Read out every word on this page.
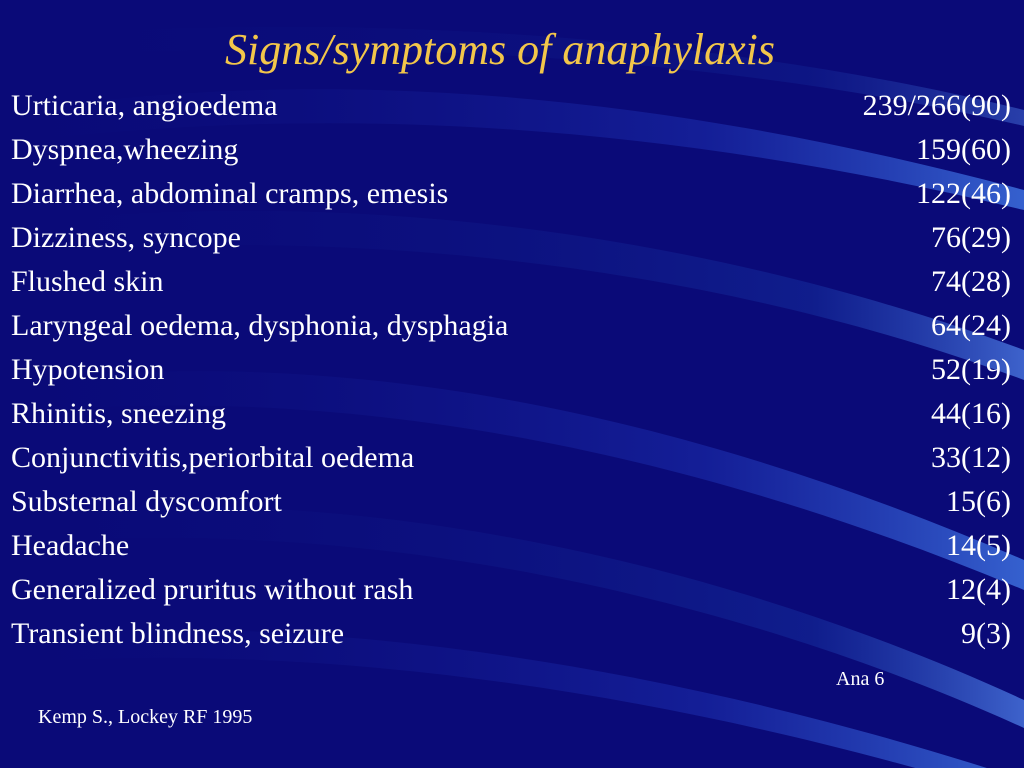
Signs/symptoms of anaphylaxis
Urticaria, angioedema	239/266(90)
Dyspnea,wheezing	159(60)
Diarrhea, abdominal cramps, emesis	122(46)
Dizziness, syncope	76(29)
Flushed skin	74(28)
Laryngeal oedema, dysphonia, dysphagia	64(24)
Hypotension	52(19)
Rhinitis, sneezing	44(16)
Conjunctivitis,periorbital oedema	33(12)
Substernal dyscomfort	15(6)
Headache	14(5)
Generalized pruritus without rash	12(4)
Transient blindness, seizure	9(3)
Ana 6
Kemp S., Lockey RF 1995
